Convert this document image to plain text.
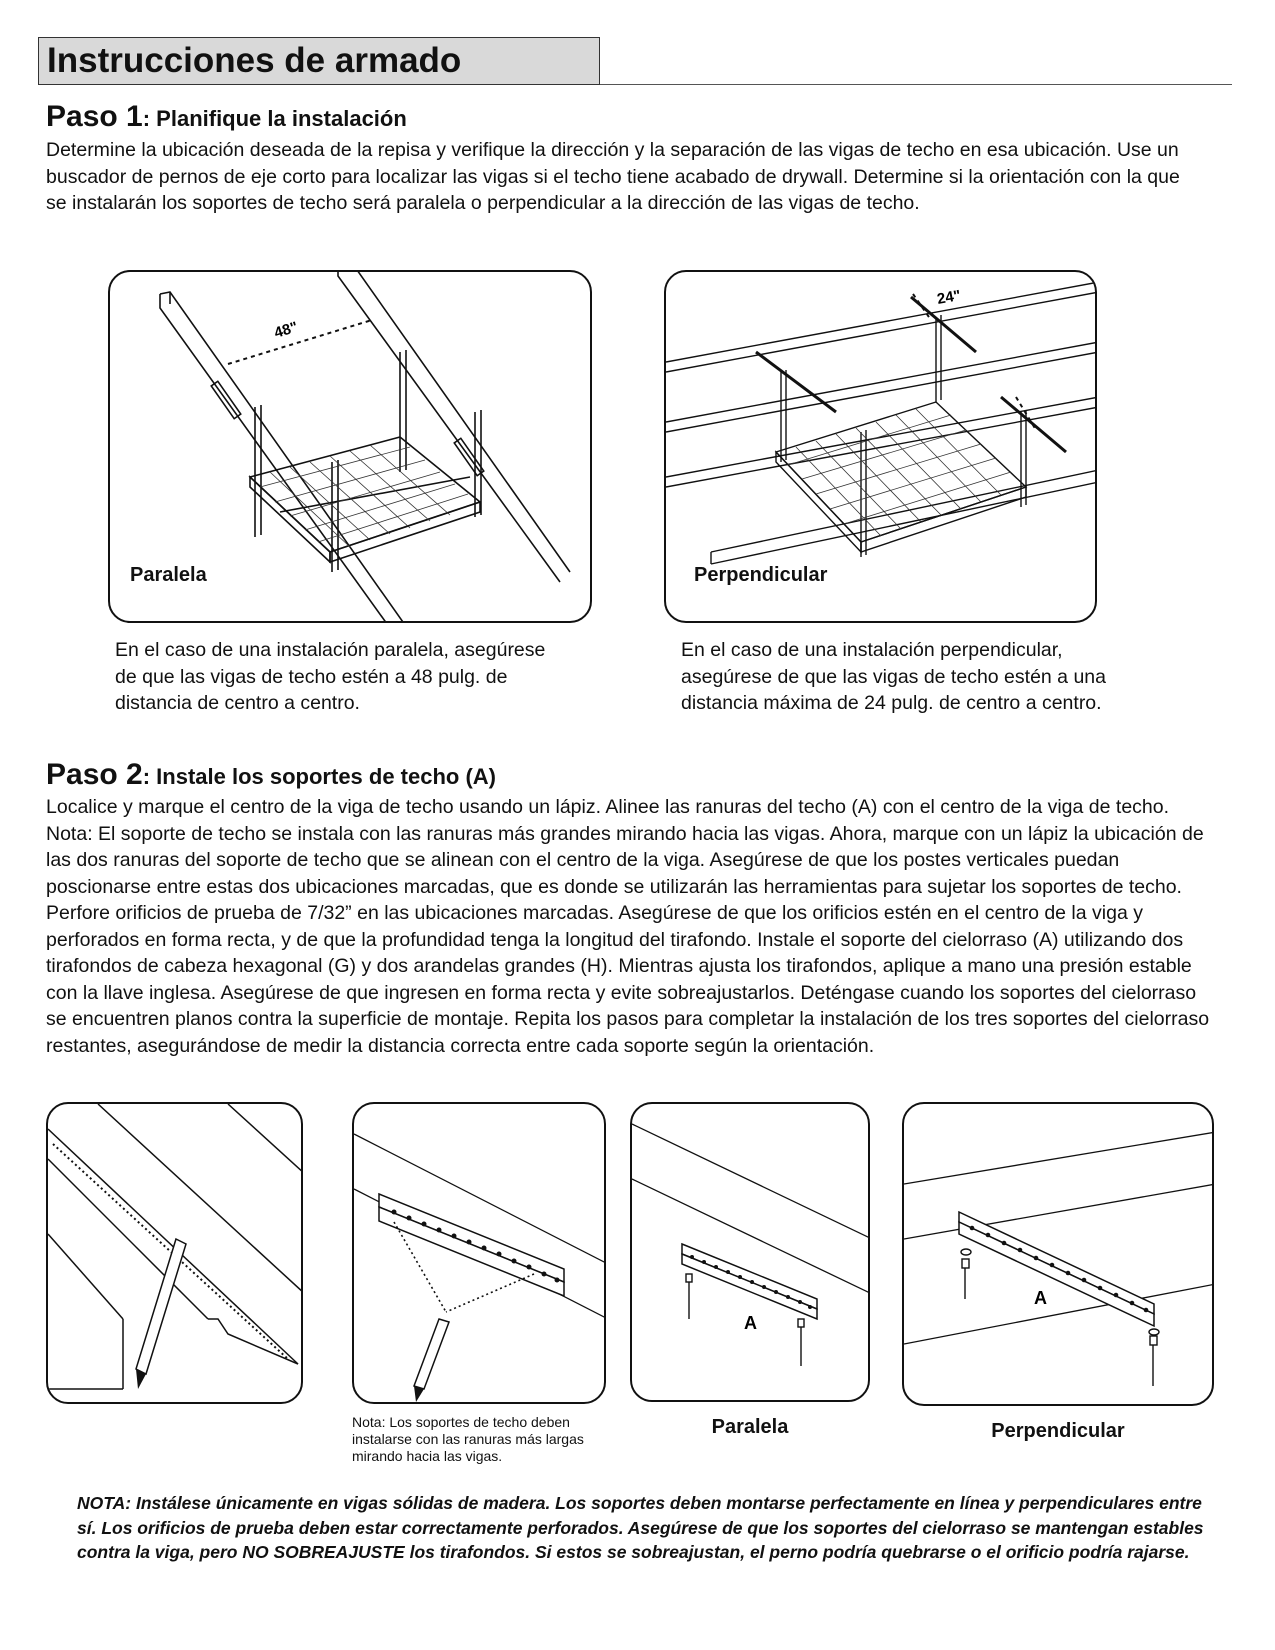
Instrucciones de armado
Paso 1: Planifique la instalación
Determine la ubicación deseada de la repisa y verifique la dirección y la separación de las vigas de techo en esa ubicación. Use un buscador de pernos de eje corto para localizar las vigas si el techo tiene acabado de drywall. Determine si la orientación con la que se instalarán los soportes de techo será paralela o perpendicular a la dirección de las vigas de techo.
48"
Paralela
24"
Perpendicular
En el caso de una instalación paralela, asegúrese de que las vigas de techo estén a 48 pulg. de distancia de centro a centro.
En el caso de una instalación perpendicular, asegúrese de que las vigas de techo estén a una distancia máxima de 24 pulg. de centro a centro.
Paso 2: Instale los soportes de techo (A)
Localice y marque el centro de la viga de techo usando un lápiz. Alinee las ranuras del techo (A) con el centro de la viga de techo. Nota: El soporte de techo se instala con las ranuras más grandes mirando hacia las vigas. Ahora, marque con un lápiz la ubicación de las dos ranuras del soporte de techo que se alinean con el centro de la viga. Asegúrese de que los postes verticales puedan poscionarse entre estas dos ubicaciones marcadas, que es donde se utilizarán las herramientas para sujetar los soportes de techo. Perfore orificios de prueba de 7/32” en las ubicaciones marcadas. Asegúrese de que los orificios estén en el centro de la viga y perforados en forma recta, y de que la profundidad tenga la longitud del tirafondo. Instale el soporte del cielorraso (A) utilizando dos tirafondos de cabeza hexagonal (G) y dos arandelas grandes (H). Mientras ajusta los tirafondos, aplique a mano una presión estable con la llave inglesa. Asegúrese de que ingresen en forma recta y evite sobreajustarlos. Deténgase cuando los soportes del cielorraso se encuentren planos contra la superficie de montaje. Repita los pasos para completar la instalación de los tres soportes del cielorraso restantes, asegurándose de medir la distancia correcta entre cada soporte según la orientación.
Nota: Los soportes de techo deben instalarse con las ranuras más largas mirando hacia las vigas.
A
Paralela
A
Perpendicular
NOTA: Instálese únicamente en vigas sólidas de madera. Los soportes deben montarse perfectamente en línea y perpendiculares entre sí. Los orificios de prueba deben estar correctamente perforados. Asegúrese de que los soportes del cielorraso se mantengan estables contra la viga, pero NO SOBREAJUSTE los tirafondos. Si estos se sobreajustan, el perno podría quebrarse o el orificio podría rajarse.
